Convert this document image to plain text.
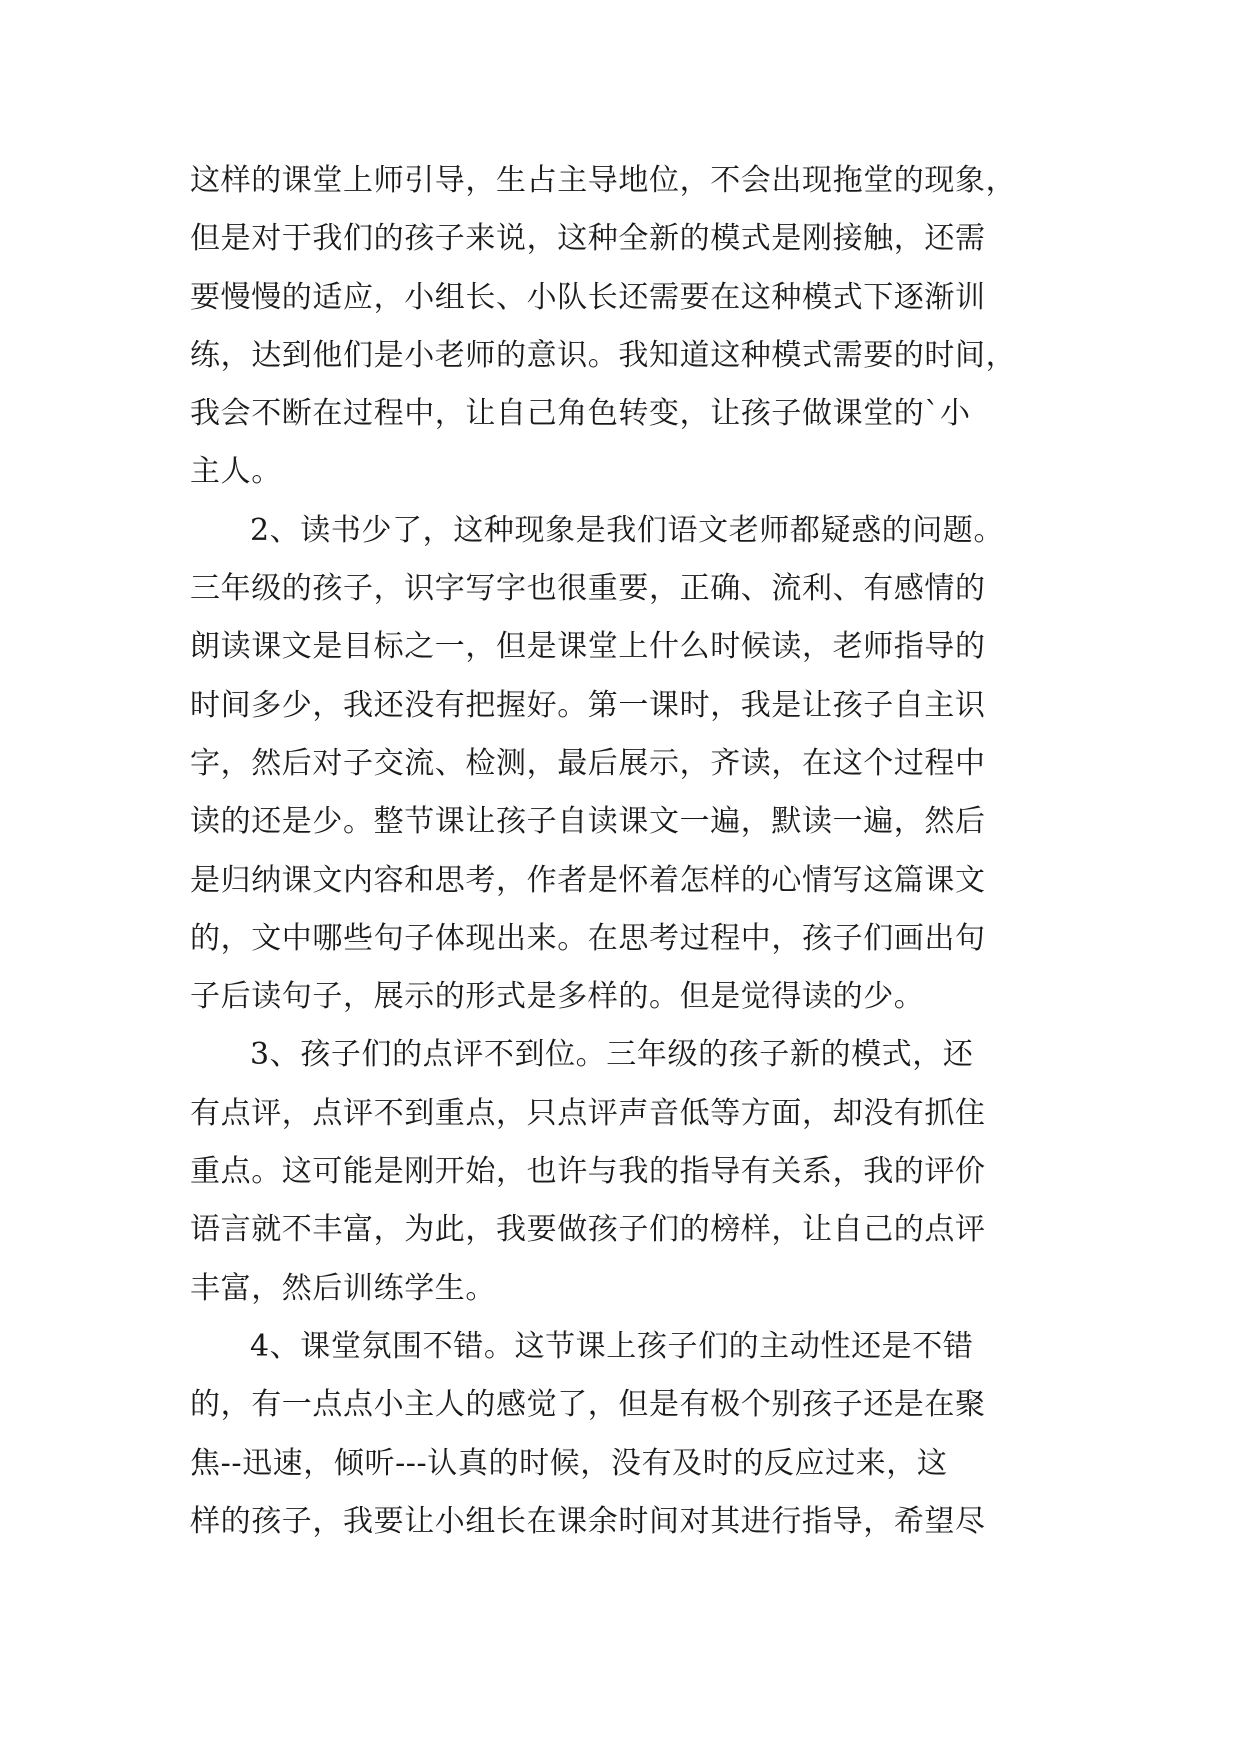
这样的课堂上师引导，生占主导地位，不会出现拖堂的现象，
但是对于我们的孩子来说，这种全新的模式是刚接触，还需
要慢慢的适应，小组长、小队长还需要在这种模式下逐渐训
练，达到他们是小老师的意识。我知道这种模式需要的时间，
我会不断在过程中，让自己角色转变，让孩子做课堂的`小
主人。
2、读书少了，这种现象是我们语文老师都疑惑的问题。
三年级的孩子，识字写字也很重要，正确、流利、有感情的
朗读课文是目标之一，但是课堂上什么时候读，老师指导的
时间多少，我还没有把握好。第一课时，我是让孩子自主识
字，然后对子交流、检测，最后展示，齐读，在这个过程中
读的还是少。整节课让孩子自读课文一遍，默读一遍，然后
是归纳课文内容和思考，作者是怀着怎样的心情写这篇课文
的，文中哪些句子体现出来。在思考过程中，孩子们画出句
子后读句子，展示的形式是多样的。但是觉得读的少。
3、孩子们的点评不到位。三年级的孩子新的模式，还
有点评，点评不到重点，只点评声音低等方面，却没有抓住
重点。这可能是刚开始，也许与我的指导有关系，我的评价
语言就不丰富，为此，我要做孩子们的榜样，让自己的点评
丰富，然后训练学生。
4、课堂氛围不错。这节课上孩子们的主动性还是不错
的，有一点点小主人的感觉了，但是有极个别孩子还是在聚
焦--迅速，倾听---认真的时候，没有及时的反应过来，这
样的孩子，我要让小组长在课余时间对其进行指导，希望尽
